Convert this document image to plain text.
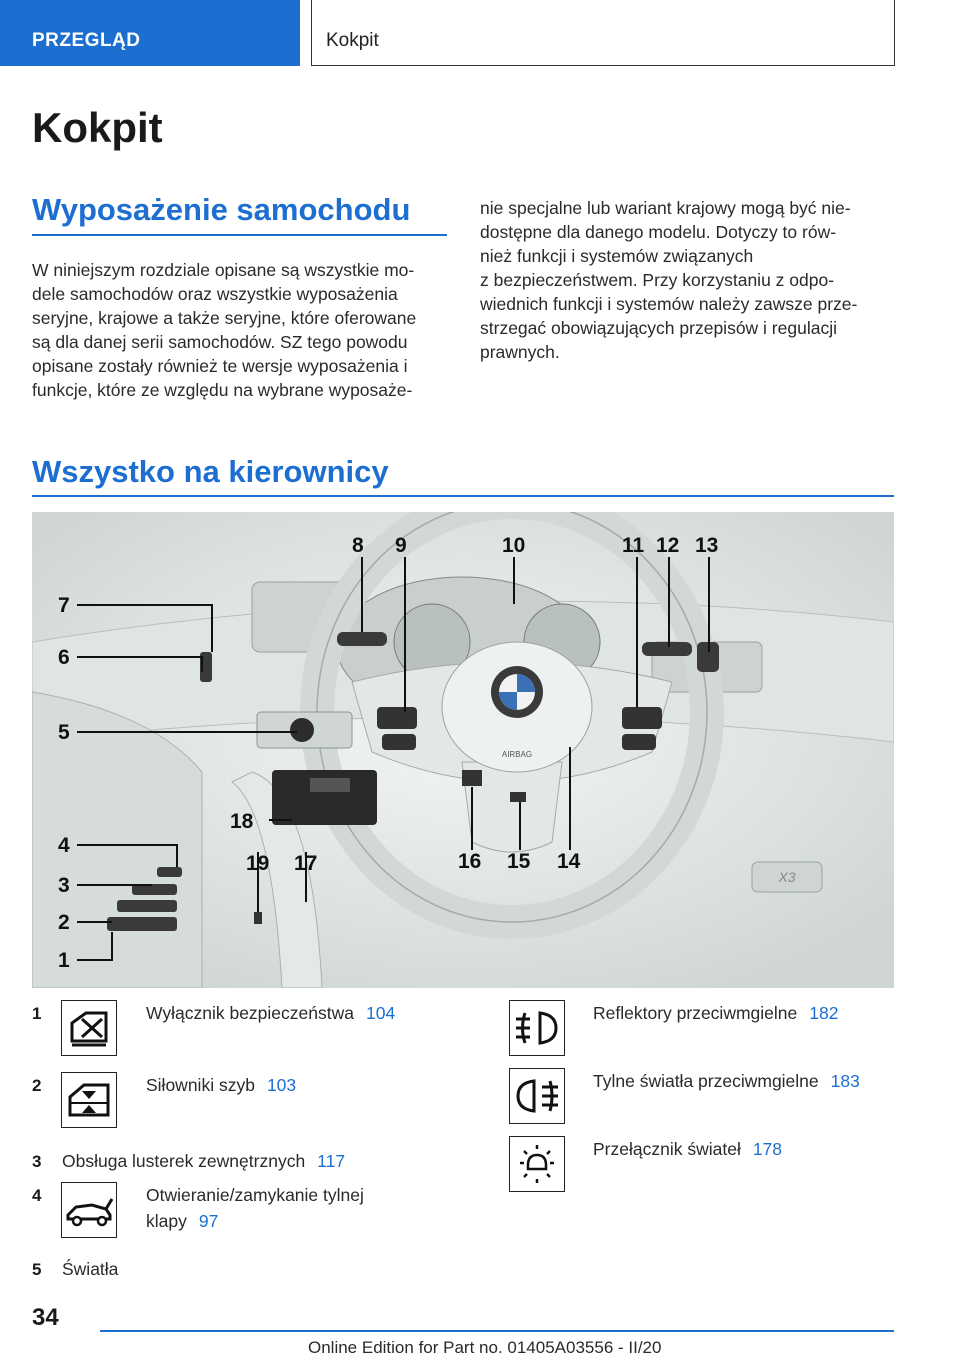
PRZEGLĄD	Kokpit
Kokpit
Wyposażenie samochodu
W niniejszym rozdziale opisane są wszystkie mo‐
dele samochodów oraz wszystkie wyposażenia
seryjne, krajowe a także seryjne, które oferowane
są dla danej serii samochodów. SZ tego powodu
opisane zostały również te wersje wyposażenia i
funkcje, które ze względu na wybrane wyposaże‐
nie specjalne lub wariant krajowy mogą być nie‐
dostępne dla danego modelu. Dotyczy to rów‐
nież funkcji i systemów związanych
z bezpieczeństwem. Przy korzystaniu z odpo‐
wiednich funkcji i systemów należy zawsze prze‐
strzegać obowiązujących przepisów i regulacji
prawnych.
Wszystko na kierownicy
AIRBAG
X3
7
6
5
4
3
2
1
8 9	10	11 12 13
14
15
16
17
18
19
1	Wyłącznik bezpieczeństwa 104
2	Siłowniki szyb 103
3 Obsługa lusterek zewnętrznych 117
4	Otwieranie/zamykanie tylnej
klapy 97
5 Światła
Reflektory przeciwmgielne 182
Tylne światła przeciwmgielne 183
Przełącznik świateł 178
34
Online Edition for Part no. 01405A03556 - II/20
